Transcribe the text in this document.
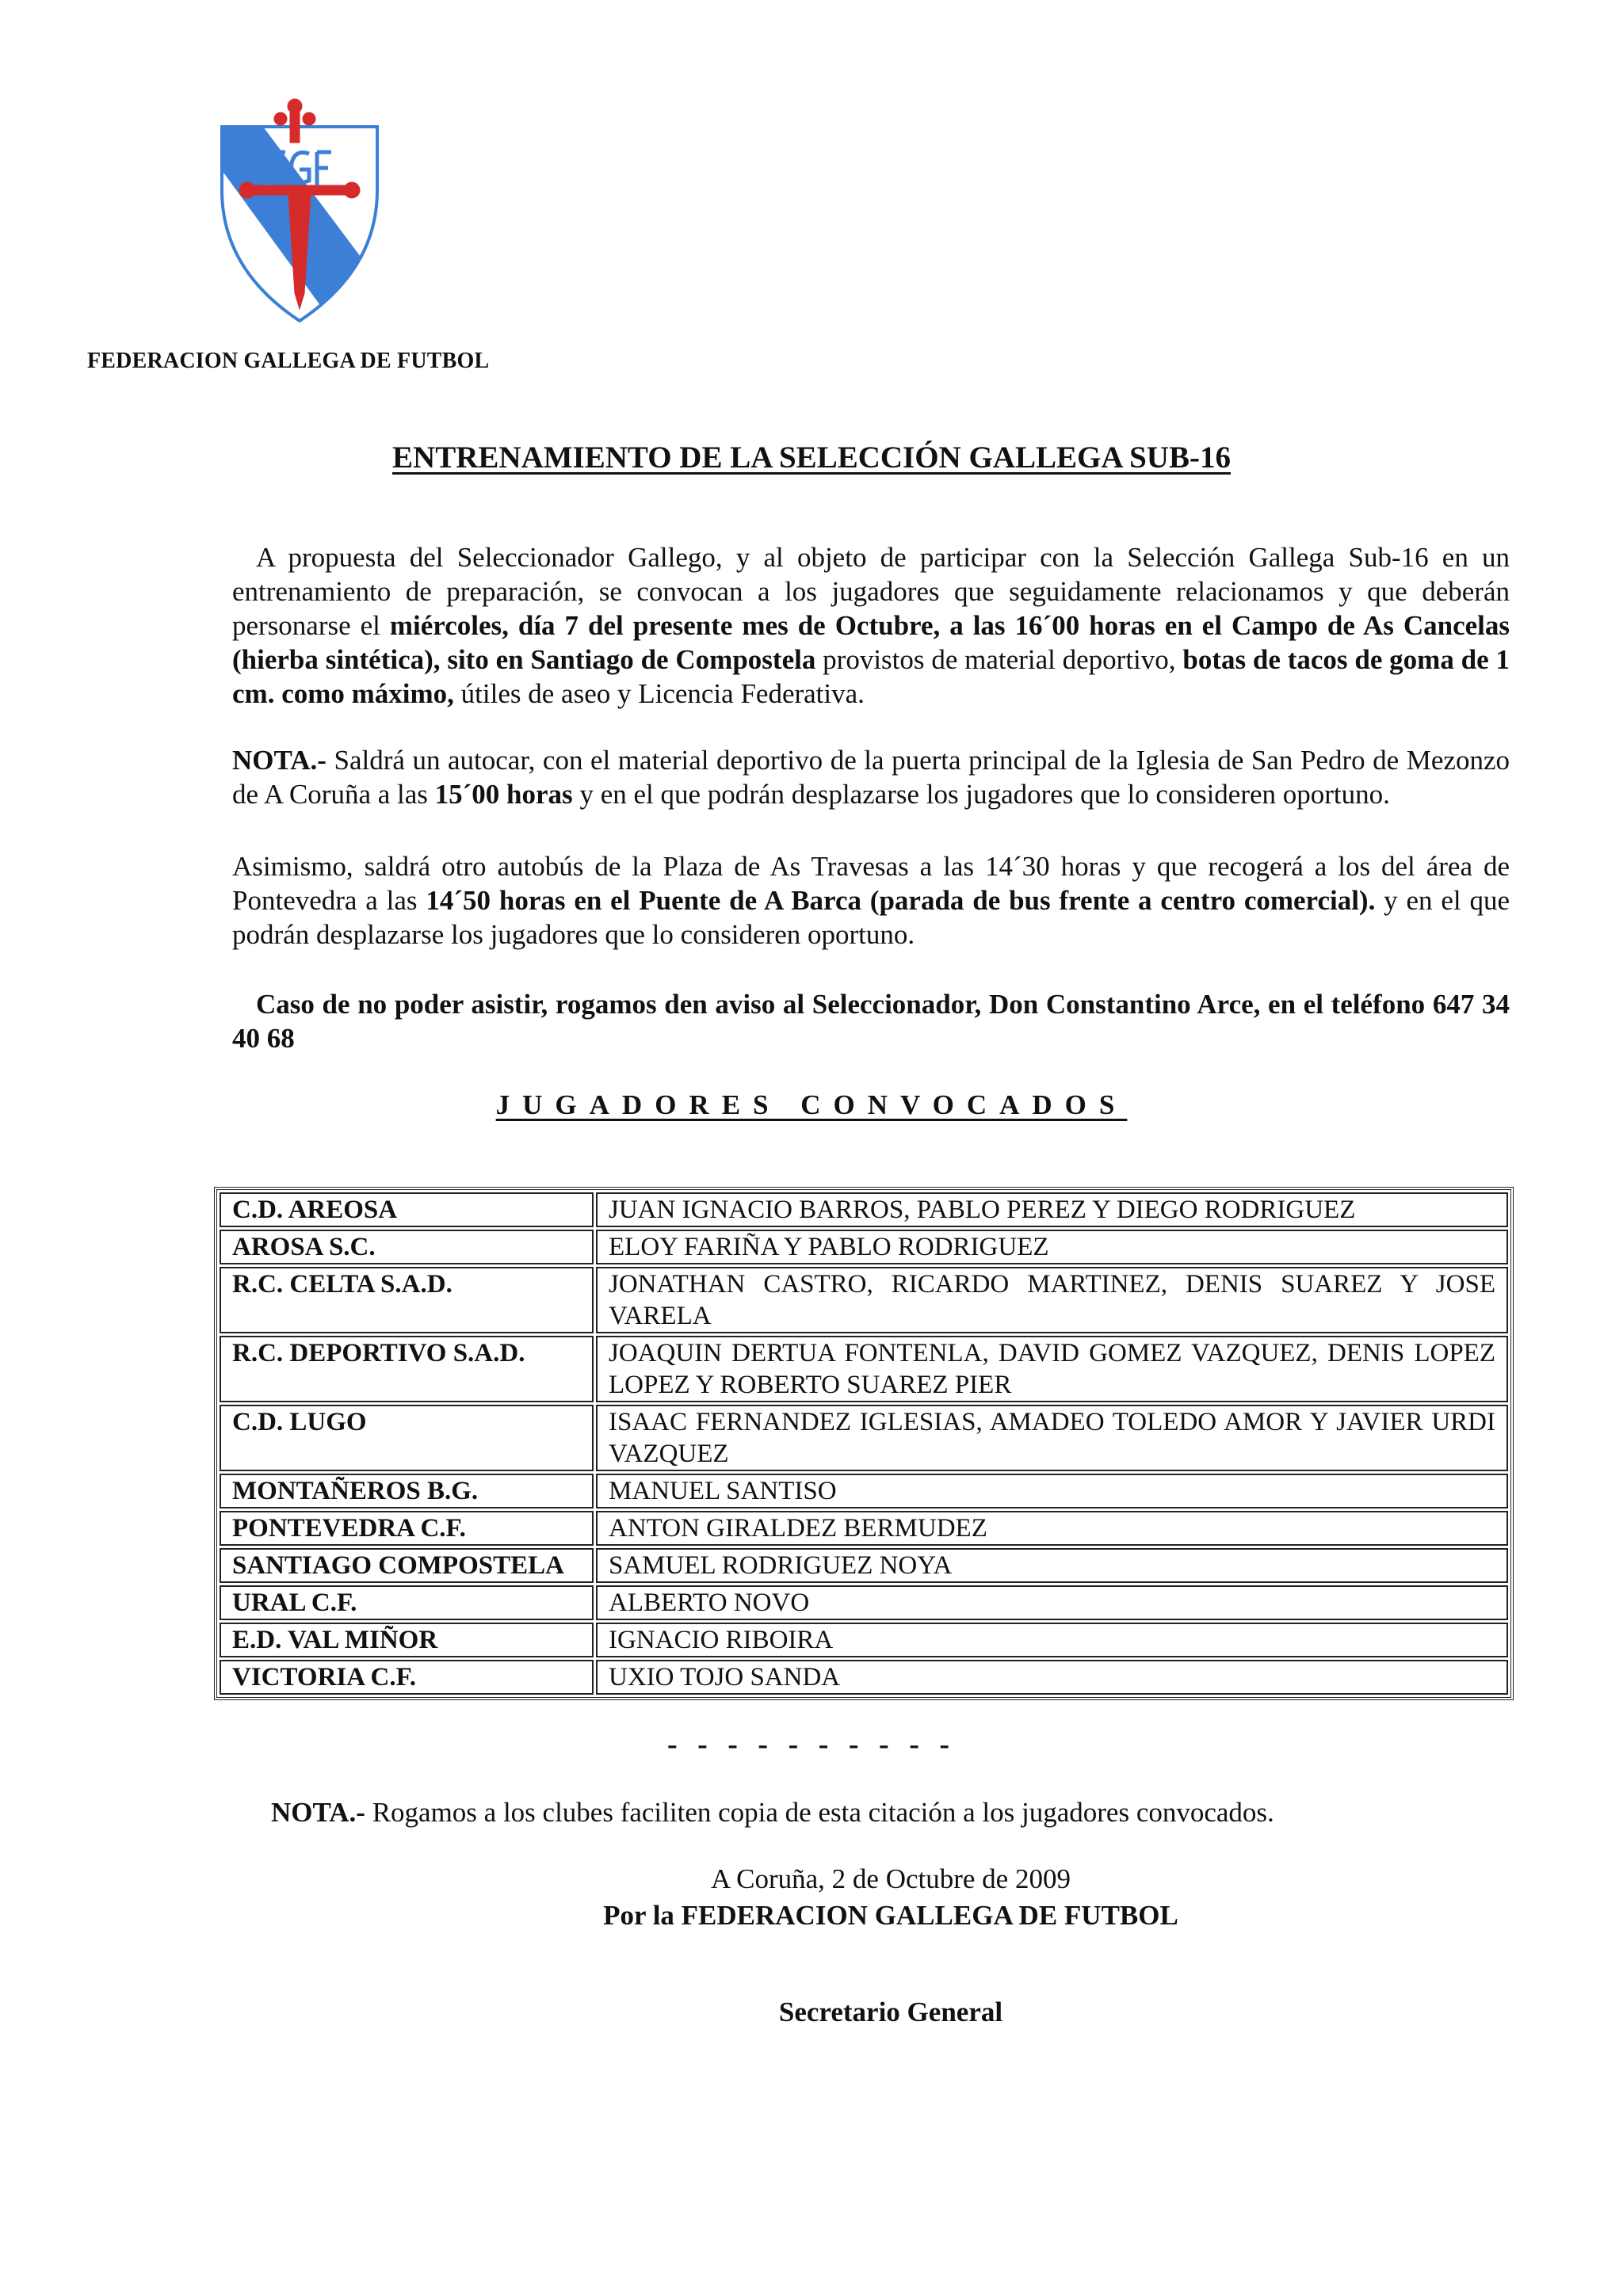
FEDERACION GALLEGA DE FUTBOL
ENTRENAMIENTO DE LA SELECCIÓN GALLEGA SUB-16

A propuesta del Seleccionador Gallego, y al objeto de participar con la Selección Gallega Sub-16 en un entrenamiento de preparación, se convocan a los jugadores que seguidamente relacionamos y que deberán personarse el miércoles, día 7 del presente mes de Octubre, a las 16´00 horas en el Campo de As Cancelas (hierba sintética), sito en Santiago de Compostela provistos de material deportivo, botas de tacos de goma de 1 cm. como máximo, útiles de aseo y Licencia Federativa.

NOTA.- Saldrá un autocar, con el material deportivo de la puerta principal de la Iglesia de San Pedro de Mezonzo de A Coruña a las 15´00 horas y en el que podrán desplazarse los jugadores que lo consideren oportuno.

Asimismo, saldrá otro autobús de la Plaza de As Travesas a las 14´30 horas y que recogerá a los del área de Pontevedra a las 14´50 horas en el Puente de A Barca (parada de bus frente a centro comercial). y en el que podrán desplazarse los jugadores que lo consideren oportuno.

Caso de no poder asistir, rogamos den aviso al Seleccionador, Don Constantino Arce, en el teléfono 647 34 40 68

JUGADORES CONVOCADOS
C.D. AREOSA	JUAN IGNACIO BARROS, PABLO PEREZ Y DIEGO RODRIGUEZ
AROSA S.C.	ELOY FARIÑA Y PABLO RODRIGUEZ
R.C. CELTA S.A.D.	JONATHAN CASTRO, RICARDO MARTINEZ, DENIS SUAREZ Y JOSE VARELA
R.C. DEPORTIVO S.A.D.	JOAQUIN DERTUA FONTENLA, DAVID GOMEZ VAZQUEZ, DENIS LOPEZ LOPEZ Y ROBERTO SUAREZ PIER
C.D. LUGO	ISAAC FERNANDEZ IGLESIAS, AMADEO TOLEDO AMOR Y JAVIER URDI VAZQUEZ
MONTAÑEROS B.G.	MANUEL SANTISO
PONTEVEDRA C.F.	ANTON GIRALDEZ BERMUDEZ
SANTIAGO COMPOSTELA	SAMUEL RODRIGUEZ NOYA
URAL C.F.	ALBERTO NOVO
E.D. VAL MIÑOR	IGNACIO RIBOIRA
VICTORIA C.F.	UXIO TOJO SANDA
- - - - - - - - - -
NOTA.- Rogamos a los clubes faciliten copia de esta citación a los jugadores convocados.
A Coruña, 2 de Octubre de 2009
Por la FEDERACION GALLEGA DE FUTBOL
Secretario General
